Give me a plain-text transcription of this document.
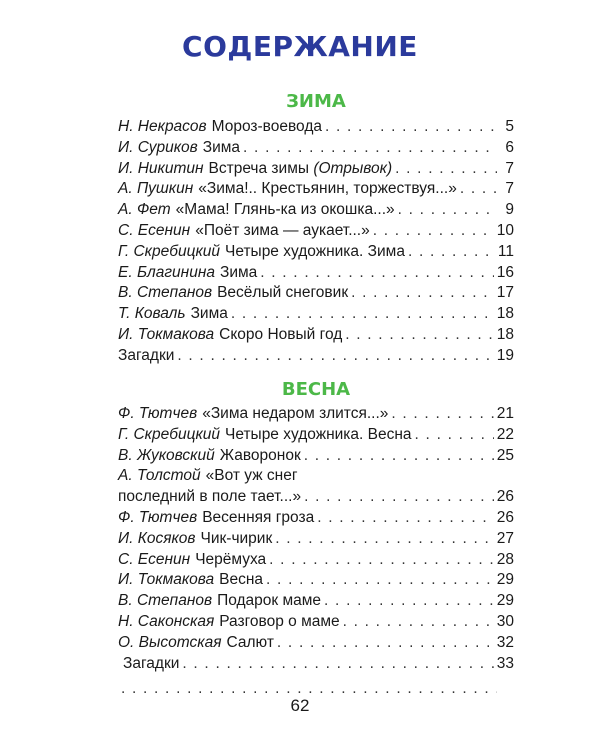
СОДЕРЖАНИЕ
ЗИМА
Н. Некрасов Мороз-воевода . . .	5
И. Суриков Зима . . .	6
И. Никитин Встреча зимы
(Отрывок) . . .	7
А. Пушкин «Зима!.. Крестьянин, торжествуя...» . . .	7
А. Фет «Мама! Глянь-ка из окошка...» . . .	9
С. Есенин «Поёт зима — аукает...» . . .	10
Г. Скребицкий Четыре художника. Зима . . .	11
Е. Благинина Зима . . .	16
В. Степанов Весёлый снеговик . . .	17
Т. Коваль Зима . . .	18
И. Токмакова Скоро Новый год . . .	18
Загадки . . .	19
ВЕСНА
Ф. Тютчев «Зима недаром злится...» . . .	21
Г. Скребицкий Четыре художника. Весна . . .	22
В. Жуковский Жаворонок . . .	25
А. Толстой «Вот уж снег
последний в поле тает...» . . .	26
Ф. Тютчев Весенняя гроза . . .	26
И. Косяков Чик-чирик . . .	27
С. Есенин Черёмуха . . .	28
И. Токмакова Весна . . .	29
В. Степанов Подарок маме . . .	29
Н. Саконская Разговор о маме . . .	30
О. Высотская Салют . . .	32
Загадки . . .	33
. . .
62
